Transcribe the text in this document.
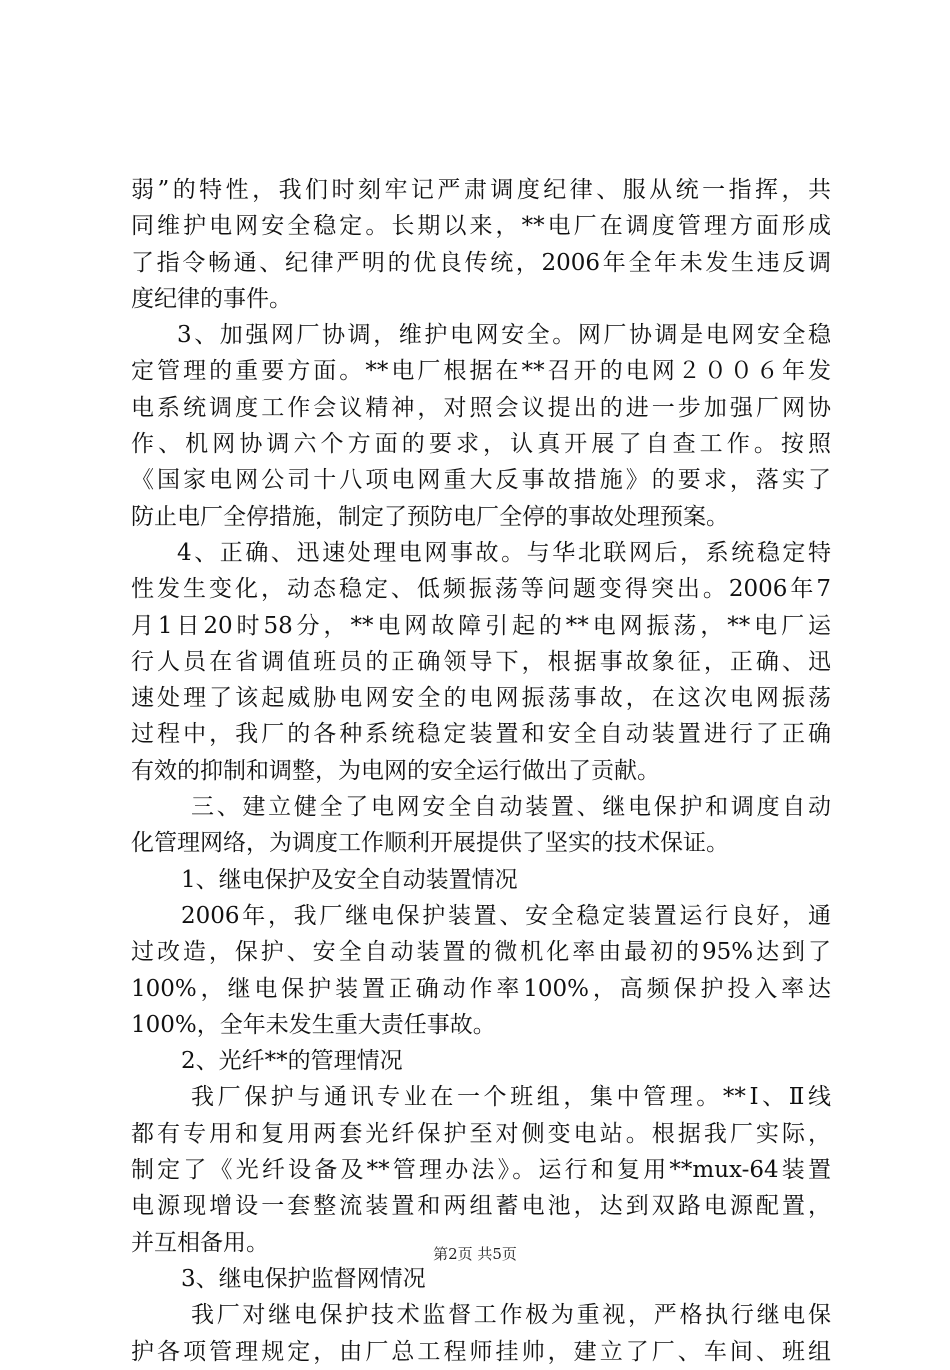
弱”的特性，我们时刻牢记严肃调度纪律、服从统一指挥，共
同维护电网安全稳定。长期以来，**电厂在调度管理方面形成
了指令畅通、纪律严明的优良传统，2006年全年未发生违反调
度纪律的事件。
3、加强网厂协调，维护电网安全。网厂协调是电网安全稳
定管理的重要方面。**电厂根据在**召开的电网２００６年发
电系统调度工作会议精神，对照会议提出的进一步加强厂网协
作、机网协调六个方面的要求，认真开展了自查工作。按照
《国家电网公司十八项电网重大反事故措施》的要求，落实了
防止电厂全停措施，制定了预防电厂全停的事故处理预案。
4、正确、迅速处理电网事故。与华北联网后，系统稳定特
性发生变化，动态稳定、低频振荡等问题变得突出。2006年7
月1日20时58分，**电网故障引起的**电网振荡，**电厂运
行人员在省调值班员的正确领导下，根据事故象征，正确、迅
速处理了该起威胁电网安全的电网振荡事故，在这次电网振荡
过程中，我厂的各种系统稳定装置和安全自动装置进行了正确
有效的抑制和调整，为电网的安全运行做出了贡献。
三、建立健全了电网安全自动装置、继电保护和调度自动
化管理网络，为调度工作顺利开展提供了坚实的技术保证。
1、继电保护及安全自动装置情况
2006年，我厂继电保护装置、安全稳定装置运行良好，通
过改造，保护、安全自动装置的微机化率由最初的95%达到了
100%，继电保护装置正确动作率100%，高频保护投入率达
100%，全年未发生重大责任事故。
2、光纤**的管理情况
我厂保护与通讯专业在一个班组，集中管理。**Ⅰ、Ⅱ线
都有专用和复用两套光纤保护至对侧变电站。根据我厂实际，
制定了《光纤设备及**管理办法》。运行和复用**mux-64装置
电源现增设一套整流装置和两组蓄电池，达到双路电源配置，
并互相备用。
3、继电保护监督网情况
我厂对继电保护技术监督工作极为重视，严格执行继电保
护各项管理规定，由厂总工程师挂帅，建立了厂、车间、班组
第2页 共5页
